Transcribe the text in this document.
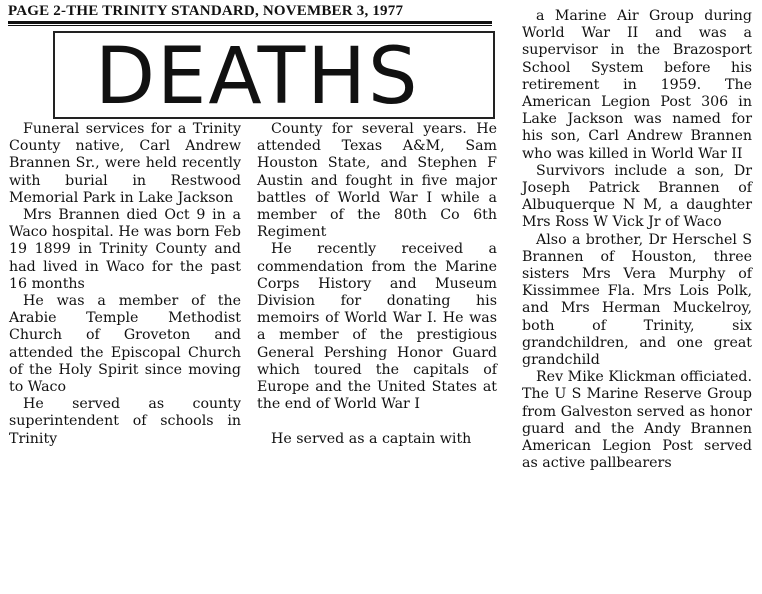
PAGE 2-THE TRINITY STANDARD, NOVEMBER 3, 1977
DEATHS

Funeral services for a Trinity County native, Carl Andrew Brannen Sr., were held recently with burial in Restwood Memorial Park in Lake Jackson

Mrs Brannen died Oct 9 in a Waco hospital. He was born Feb 19 1899 in Trinity County and had lived in Waco for the past 16 months

He was a member of the Arabie Temple Methodist Church of Groveton and attended the Episcopal Church of the Holy Spirit since moving to Waco

He served as county superintendent of schools in Trinity

County for several years. He attended Texas A&M, Sam Houston State, and Stephen F Austin and fought in five major battles of World War I while a member of the 80th Co 6th Regiment

He recently received a commendation from the Marine Corps History and Museum Division for donating his memoirs of World War I. He was a member of the prestigious General Pershing Honor Guard which toured the capitals of Europe and the United States at the end of World War I

He served as a captain with

a Marine Air Group during World War II and was a supervisor in the Brazosport School System before his retirement in 1959. The American Legion Post 306 in Lake Jackson was named for his son, Carl Andrew Brannen who was killed in World War II

Survivors include a son, Dr Joseph Patrick Brannen of Albuquerque N M, a daughter Mrs Ross W Vick Jr of Waco

Also a brother, Dr Herschel S Brannen of Houston, three sisters Mrs Vera Murphy of Kissimmee Fla. Mrs Lois Polk, and Mrs Herman Muckelroy, both of Trinity, six grandchildren, and one great grandchild

Rev Mike Klickman officiated. The U S Marine Reserve Group from Galveston served as honor guard and the Andy Brannen American Legion Post served as active pallbearers
